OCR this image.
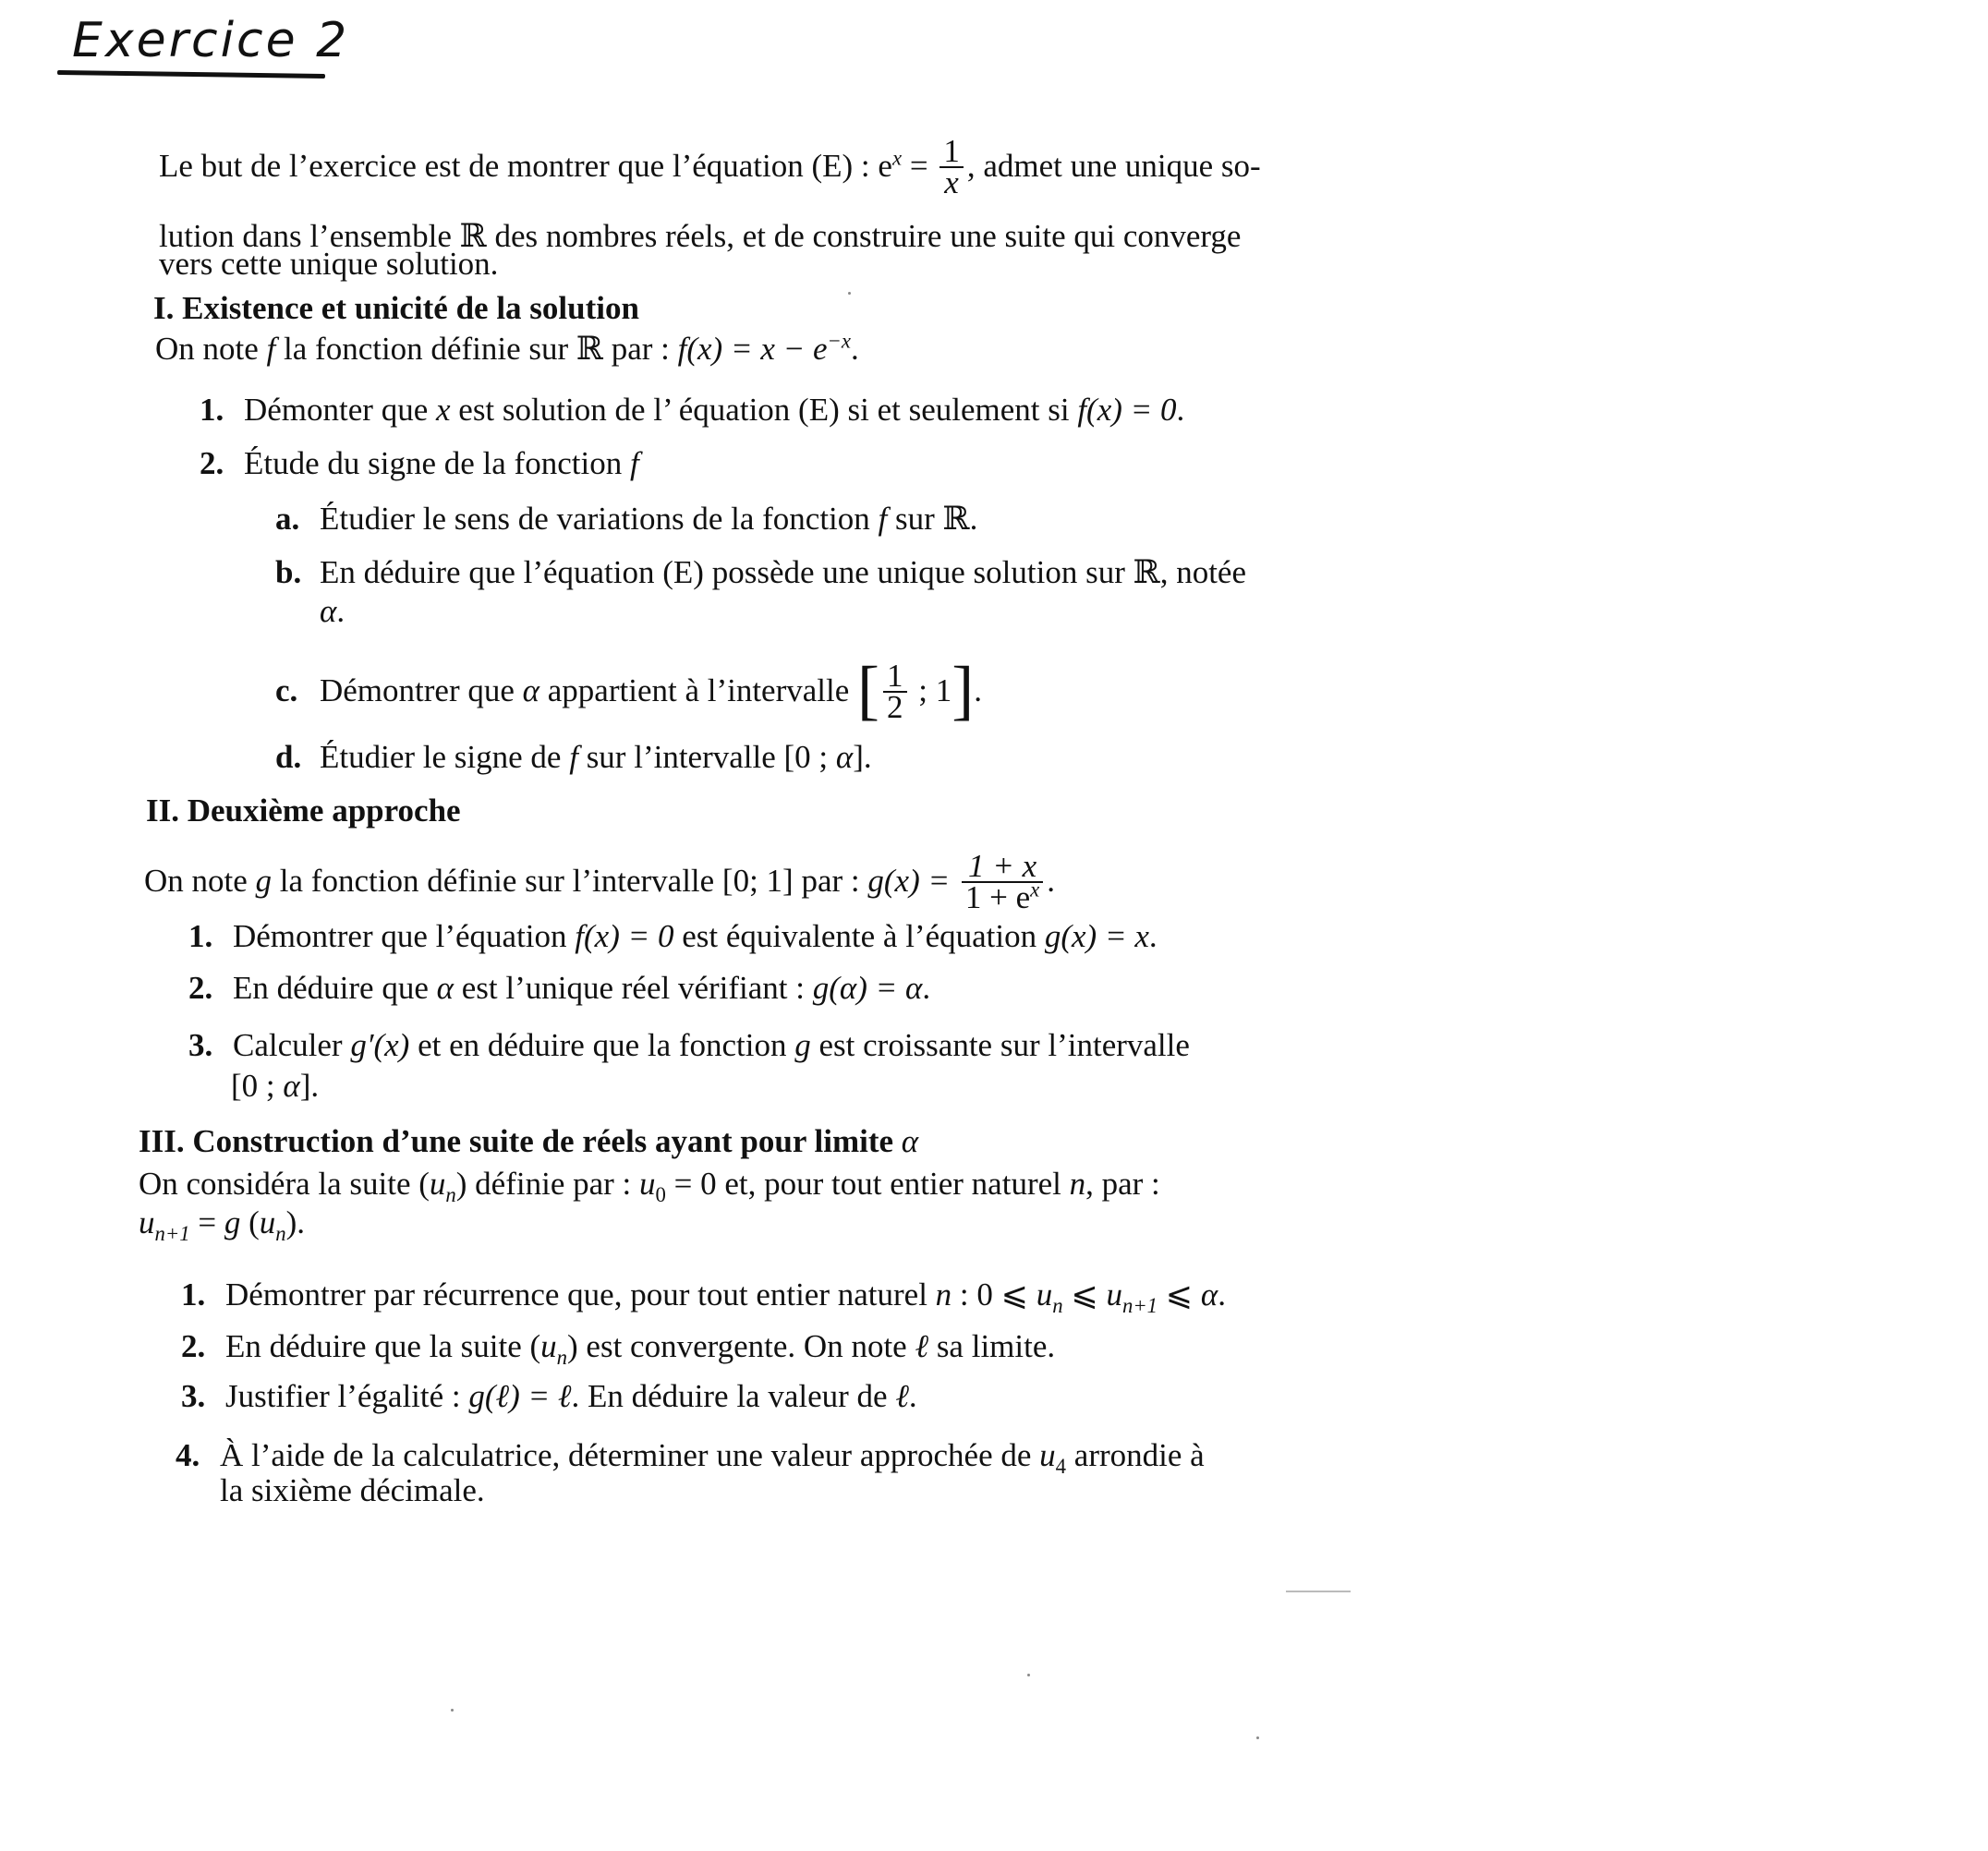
Exercice 2
Le but de l’exercice est de montrer que l’équation (E) : $e^x = \frac{1}{x}$ , admet une unique so-
lution dans l’ensemble ℝ des nombres réels, et de construire une suite qui converge
vers cette unique solution.
I. Existence et unicité de la solution
On note f la fonction définie sur ℝ par : $f(x) = x - e^{-x}$.
1. Démonter que x est solution de l’ équation (E) si et seulement si f(x) = 0.
2. Étude du signe de la fonction f
a. Étudier le sens de variations de la fonction f sur ℝ.
b. En déduire que l’équation (E) possède une unique solution sur ℝ, notée
α.
c. Démontrer que α appartient à l’intervalle [ $\frac{1}{2}$ ; 1].
d. Étudier le signe de f sur l’intervalle [0 ; α].
II. Deuxième approche
On note g la fonction définie sur l’intervalle [0; 1] par : $g(x) = \frac{1 + x}{1 + e^x}$ .
1. Démontrer que l’équation f(x) = 0 est équivalente à l’équation g(x) = x.
2. En déduire que α est l’unique réel vérifiant : g(α) = α.
3. Calculer g′(x) et en déduire que la fonction g est croissante sur l’intervalle
[0 ; α].
III. Construction d’une suite de réels ayant pour limite α
On considéra la suite $(u_n)$ définie par : $u_0 = 0$ et, pour tout entier naturel n, par :
$u_{n+1} = g$ $(u_n)$.
1. Démontrer par récurrence que, pour tout entier naturel n : 0 ⩽ $u_n$ ⩽ $u_{n+1}$ ⩽ α.
2. En déduire que la suite $(u_n)$ est convergente. On note ℓ sa limite.
3. Justifier l’égalité : g(ℓ) = ℓ. En déduire la valeur de ℓ.
4. À l’aide de la calculatrice, déterminer une valeur approchée de $u_4$ arrondie à
la sixième décimale.
